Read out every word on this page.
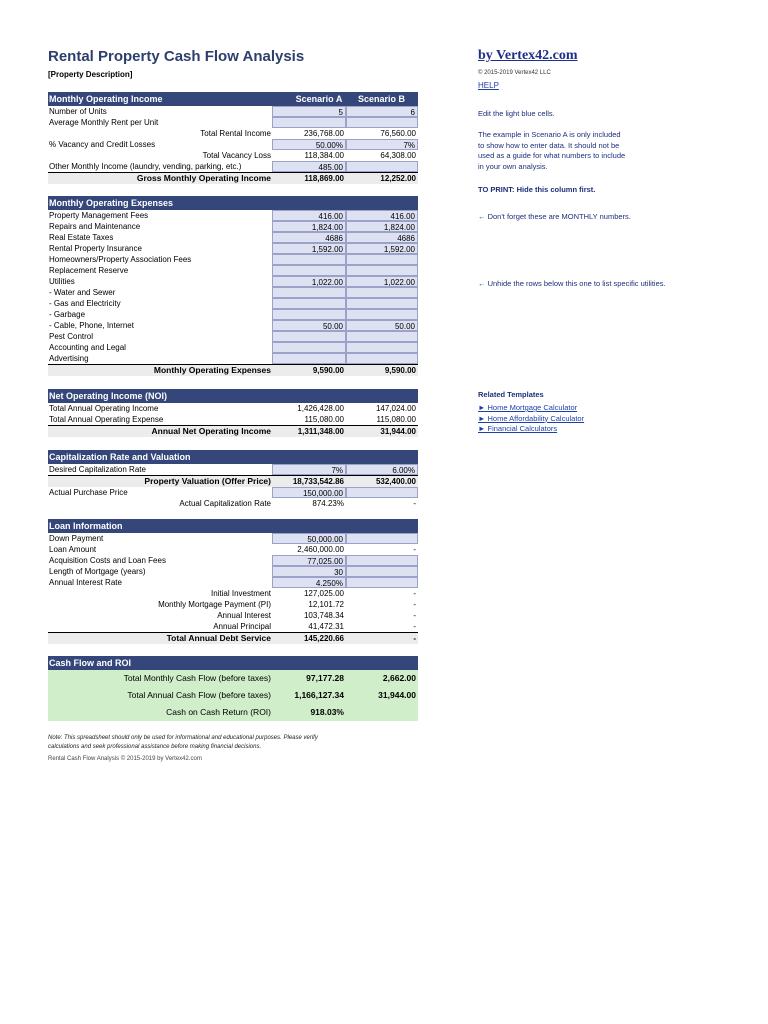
Rental Property Cash Flow Analysis
[Property Description]
by Vertex42.com
© 2015-2019 Vertex42 LLC
HELP
Monthly Operating Income	Scenario A	Scenario B
Number of Units	5	6
Average Monthly Rent per Unit
Total Rental Income	236,768.00	76,560.00
% Vacancy and Credit Losses	50.00%	7%
Total Vacancy Loss	118,384.00	64,308.00
Other Monthly Income (laundry, vending, parking, etc.)	485.00
Gross Monthly Operating Income	118,869.00	12,252.00
Monthly Operating Expenses
Property Management Fees	416.00	416.00
Repairs and Maintenance	1,824.00	1,824.00
Real Estate Taxes	4686	4686
Rental Property Insurance	1,592.00	1,592.00
Homeowners/Property Association Fees
Replacement Reserve
Utilities	1,022.00	1,022.00
- Water and Sewer
- Gas and Electricity
- Garbage
- Cable, Phone, Internet	50.00	50.00
Pest Control
Accounting and Legal
Advertising
Monthly Operating Expenses	9,590.00	9,590.00
Net Operating Income (NOI)
Total Annual Operating Income	1,426,428.00	147,024.00
Total Annual Operating Expense	115,080.00	115,080.00
Annual Net Operating Income	1,311,348.00	31,944.00
Capitalization Rate and Valuation
Desired Capitalization Rate	7%	6.00%
Property Valuation (Offer Price)	18,733,542.86	532,400.00
Actual Purchase Price	150,000.00
Actual Capitalization Rate	874.23%	-
Loan Information
Down Payment	50,000.00
Loan Amount	2,460,000.00	-
Acquisition Costs and Loan Fees	77,025.00
Length of Mortgage (years)	30
Annual Interest Rate	4.250%
Initial Investment	127,025.00	-
Monthly Mortgage Payment (PI)	12,101.72	-
Annual Interest	103,748.34	-
Annual Principal	41,472.31	-
Total Annual Debt Service	145,220.66	-
Cash Flow and ROI
Total Monthly Cash Flow (before taxes)	97,177.28	2,662.00
Total Annual Cash Flow (before taxes)	1,166,127.34	31,944.00
Cash on Cash Return (ROI)	918.03%
Note: This spreadsheet should only be used for informational and educational purposes. Please verify
calculations and seek professional assistance before making financial decisions.
Rental Cash Flow Analysis © 2015-2019 by Vertex42.com
Edit the light blue cells.
The example in Scenario A is only included
to show how to enter data. It should not be
used as a guide for what numbers to include
in your own analysis.
TO PRINT: Hide this column first.
← Don't forget these are MONTHLY numbers.
← Unhide the rows below this one to list specific utilities.
Related Templates
► Home Mortgage Calculator
► Home Affordability Calculator
► Financial Calculators
